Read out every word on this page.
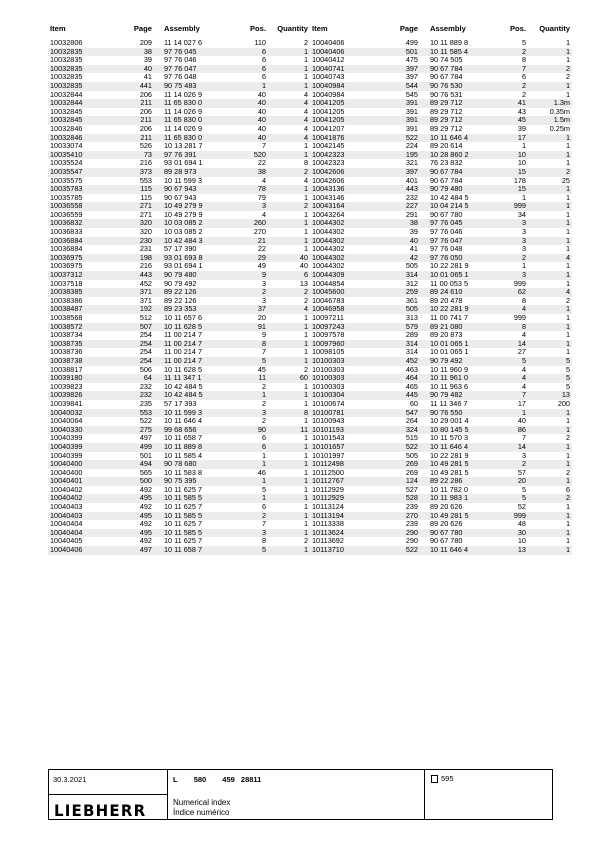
Item	Page	Assembly	Pos.	Quantity
10032806	209	11 14 027 6	110	2
10032835	38	97 76 045	6	1
10032835	39	97 76 046	6	1
10032835	40	97 76 047	6	1
10032835	41	97 76 048	6	1
10032835	441	90 75 483	1	1
10032844	206	11 14 026 9	40	4
10032844	211	11 65 830 0	40	4
10032845	206	11 14 026 9	40	4
10032845	211	11 65 830 0	40	4
10032846	206	11 14 026 9	40	4
10032846	211	11 65 830 0	40	4
10033074	526	10 13 281 7	7	1
10035410	73	97 76 391	520	1
10035524	216	93 01 694 1	22	8
10035547	373	89 28 973	38	2
10035575	553	10 11 599 3	4	4
10035783	115	90 67 943	78	1
10035785	115	90 67 943	79	1
10036558	271	10 49 279 9	3	2
10036559	271	10 49 279 9	4	1
10036832	320	10 03 085 2	260	1
10036833	320	10 03 085 2	270	1
10036884	230	10 42 484 3	21	1
10036884	231	57 17 390	22	1
10036975	198	93 01 693 8	29	40
10036975	216	93 01 694 1	49	40
10037312	443	90 79 480	9	6
10037518	452	90 79 492	3	13
10038385	371	89 22 126	2	2
10038386	371	89 22 126	3	2
10038487	192	89 23 353	37	4
10038568	512	10 11 657 6	20	1
10038572	507	10 11 628 5	91	1
10038734	254	11 00 214 7	9	1
10038735	254	11 00 214 7	8	1
10038736	254	11 00 214 7	7	1
10038738	254	11 00 214 7	5	1
10038817	506	10 11 628 5	45	2
10039180	64	11 11 347 1	11	60
10039823	232	10 42 484 5	2	1
10039826	232	10 42 484 5	1	1
10039841	235	57 17 393	2	1
10040032	553	10 11 599 3	3	8
10040064	522	10 11 646 4	2	1
10040330	275	99 68 656	90	11
10040399	497	10 11 658 7	6	1
10040399	499	10 11 889 8	6	1
10040399	501	10 11 585 4	1	1
10040400	494	90 78 680	1	1
10040400	565	10 11 583 8	46	1
10040401	500	90 75 395	1	1
10040402	492	10 11 625 7	5	1
10040402	495	10 11 585 5	1	1
10040403	492	10 11 625 7	6	1
10040403	495	10 11 585 5	2	1
10040404	492	10 11 625 7	7	1
10040404	495	10 11 585 5	3	1
10040405	492	10 11 625 7	8	2
10040406	497	10 11 658 7	5	1
Item	Page	Assembly	Pos.	Quantity
10040406	499	10 11 889 8	5	1
10040406	501	10 11 585 4	2	1
10040412	475	90 74 505	8	1
10040741	397	90 67 784	7	2
10040743	397	90 67 784	6	2
10040984	544	90 76 530	2	1
10040984	545	90 76 531	2	1
10041205	391	89 29 712	41	1.3m
10041205	391	89 29 712	43	0.35m
10041205	391	89 29 712	45	1.5m
10041207	391	89 29 712	39	0.25m
10041876	522	10 11 646 4	17	1
10042145	224	89 20 614	1	1
10042323	195	10 28 860 2	10	1
10042323	321	76 23 832	10	1
10042606	397	90 67 784	15	2
10042606	401	90 67 784	178	25
10043136	443	90 79 480	15	1
10043146	232	10 42 484 5	1	1
10043164	227	10 04 214 5	999	1
10043264	291	90 67 780	34	1
10044302	38	97 76 045	3	1
10044302	39	97 76 046	3	1
10044302	40	97 76 047	3	1
10044302	41	97 76 048	3	1
10044302	42	97 76 050	2	4
10044302	505	10 22 281 9	1	1
10044309	314	10 01 065 1	3	1
10044854	312	11 00 053 5	999	1
10045600	259	89 24 610	62	4
10046783	361	89 20 478	8	2
10046958	505	10 22 281 9	4	1
10097211	313	11 00 741 7	999	1
10097243	579	89 21 080	8	1
10097578	289	89 20 873	4	1
10097960	314	10 01 065 1	14	1
10098105	314	10 01 065 1	27	1
10100303	452	90 79 492	5	5
10100303	463	10 11 960 9	4	5
10100303	464	10 11 961 0	4	5
10100303	465	10 11 963 6	4	5
10100304	445	90 79 482	7	13
10100674	60	11 11 346 7	17	200
10100781	547	90 76 550	1	1
10100943	264	10 29 001 4	40	1
10101193	324	10 80 145 5	86	1
10101543	515	10 11 570 3	7	2
10101657	522	10 11 646 4	14	1
10101997	505	10 22 281 9	3	1
10112498	269	10 49 281 5	2	1
10112500	269	10 49 281 5	57	2
10112767	124	89 22 286	20	1
10112929	527	10 11 782 0	5	6
10112929	528	10 11 983 1	5	2
10113124	239	89 20 626	52	1
10113194	270	10 49 281 5	999	1
10113338	239	89 20 626	48	1
10113624	290	90 67 780	30	1
10113692	290	90 67 780	10	1
10113710	522	10 11 646 4	13	1
30.3.2021
LIEBHERR
L 580 459 28811
Numerical index
Índice numérico
595
